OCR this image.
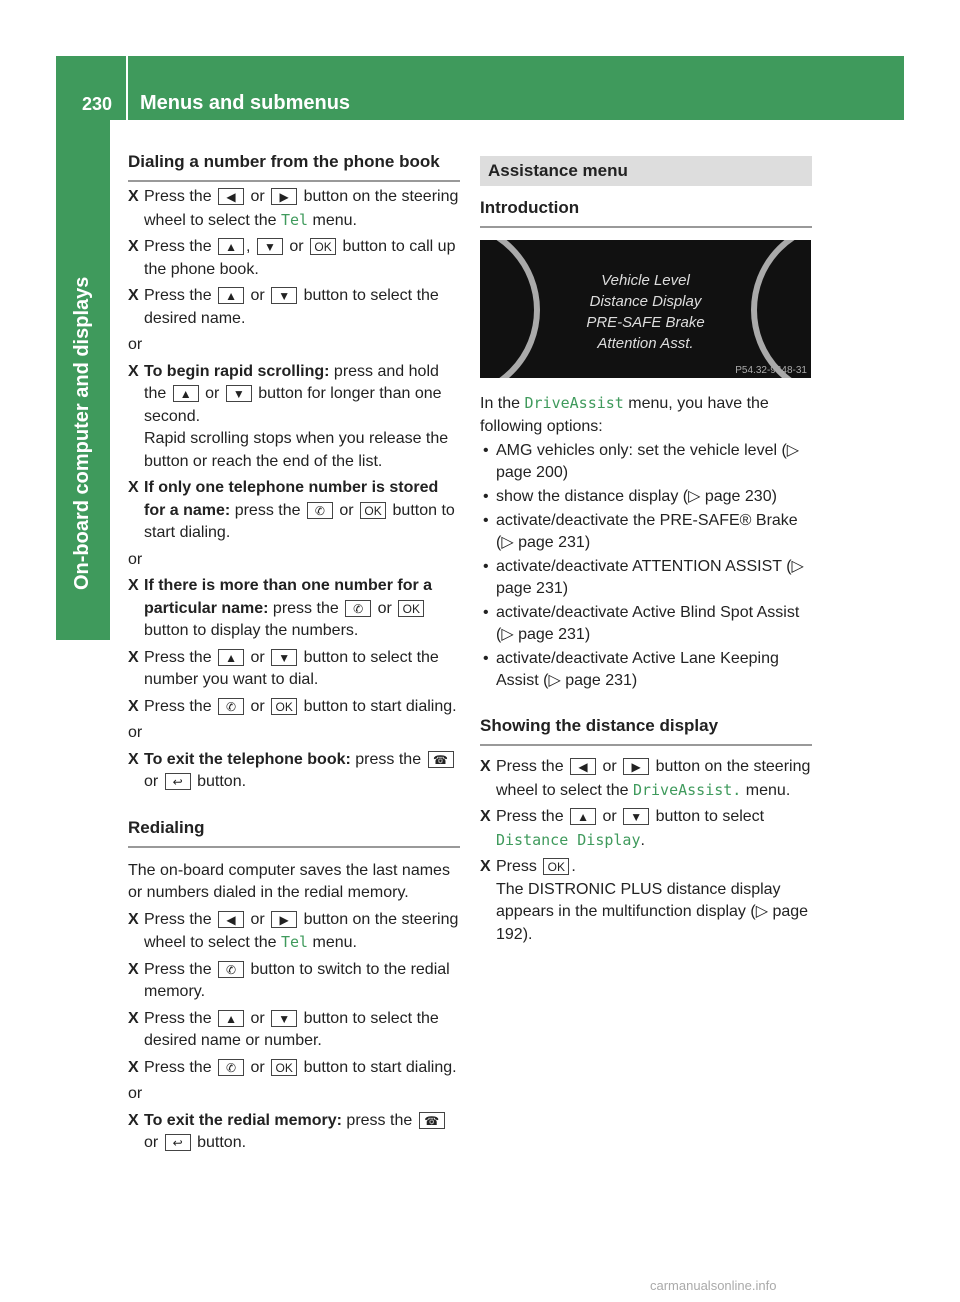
230 Menus and submenus
On-board computer and displays
Dialing a number from the phone book
X Press the ◀ or ▶ button on the steering wheel to select the Tel menu.
X Press the ▲ , ▼ or OK button to call up the phone book.
X Press the ▲ or ▼ button to select the desired name.
or
X To begin rapid scrolling: press and hold the ▲ or ▼ button for longer than one second.
Rapid scrolling stops when you release the button or reach the end of the list.
X If only one telephone number is stored for a name: press the ✆ or OK button to start dialing.
or
X If there is more than one number for a particular name: press the ✆ or OK button to display the numbers.
X Press the ▲ or ▼ button to select the number you want to dial.
X Press the ✆ or OK button to start dialing.
or
X To exit the telephone book: press the ☎ or ↩ button.
Redialing
The on-board computer saves the last names or numbers dialed in the redial memory.
X Press the ◀ or ▶ button on the steering wheel to select the Tel menu.
X Press the ✆ button to switch to the redial memory.
X Press the ▲ or ▼ button to select the desired name or number.
X Press the ✆ or OK button to start dialing.
or
X To exit the redial memory: press the ☎ or ↩ button.
Assistance menu
Introduction
Vehicle Level
Distance Display
PRE-SAFE Brake
Attention Asst.
P54.32-9648-31
In the DriveAssist menu, you have the following options:
• AMG vehicles only: set the vehicle level (▷ page 200)
• show the distance display (▷ page 230)
• activate/deactivate the PRE-SAFE® Brake (▷ page 231)
• activate/deactivate ATTENTION ASSIST (▷ page 231)
• activate/deactivate Active Blind Spot Assist (▷ page 231)
• activate/deactivate Active Lane Keeping Assist (▷ page 231)
Showing the distance display
X Press the ◀ or ▶ button on the steering wheel to select the DriveAssist. menu.
X Press the ▲ or ▼ button to select Distance Display.
X Press OK .
The DISTRONIC PLUS distance display appears in the multifunction display (▷ page 192).
carmanualsonline.info
